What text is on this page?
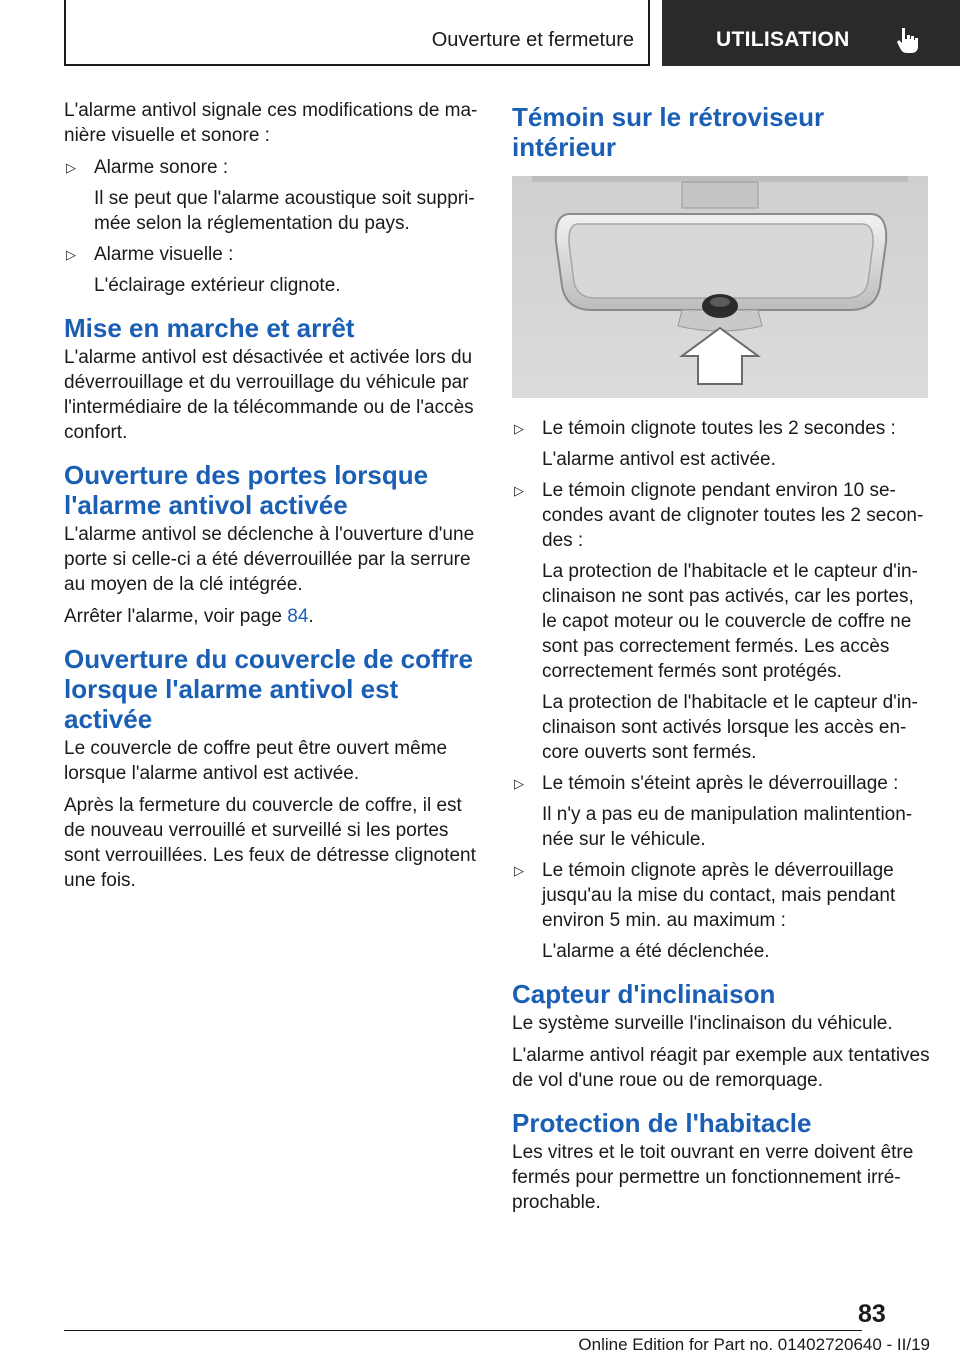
Ouverture et fermeture	UTILISATION

L'alarme antivol signale ces modifications de ma-nière visuelle et sonore :

▷ Alarme sonore :

Il se peut que l'alarme acoustique soit suppri-mée selon la réglementation du pays.

▷ Alarme visuelle :

L'éclairage extérieur clignote.

Mise en marche et arrêt

L'alarme antivol est désactivée et activée lors du déverrouillage et du verrouillage du véhicule par l'intermédiaire de la télécommande ou de l'accès confort.

Ouverture des portes lorsque l'alarme antivol activée

L'alarme antivol se déclenche à l'ouverture d'une porte si celle-ci a été déverrouillée par la serrure au moyen de la clé intégrée.

Arrêter l'alarme, voir page 84.

Ouverture du couvercle de coffre lorsque l'alarme antivol est activée

Le couvercle de coffre peut être ouvert même lorsque l'alarme antivol est activée.

Après la fermeture du couvercle de coffre, il est de nouveau verrouillé et surveillé si les portes sont verrouillées. Les feux de détresse clignotent une fois.

Témoin sur le rétroviseur intérieur
▷ Le témoin clignote toutes les 2 secondes :

L'alarme antivol est activée.

▷ Le témoin clignote pendant environ 10 se-condes avant de clignoter toutes les 2 secon-des :

La protection de l'habitacle et le capteur d'in-clinaison ne sont pas activés, car les portes, le capot moteur ou le couvercle de coffre ne sont pas correctement fermés. Les accès correctement fermés sont protégés.

La protection de l'habitacle et le capteur d'in-clinaison sont activés lorsque les accès en-core ouverts sont fermés.

▷ Le témoin s'éteint après le déverrouillage :

Il n'y a pas eu de manipulation malintention-née sur le véhicule.

▷ Le témoin clignote après le déverrouillage jusqu'au la mise du contact, mais pendant environ 5 min. au maximum :

L'alarme a été déclenchée.

Capteur d'inclinaison

Le système surveille l'inclinaison du véhicule.

L'alarme antivol réagit par exemple aux tentatives de vol d'une roue ou de remorquage.

Protection de l'habitacle

Les vitres et le toit ouvrant en verre doivent être fermés pour permettre un fonctionnement irré-prochable.

83
Online Edition for Part no. 01402720640 - II/19
